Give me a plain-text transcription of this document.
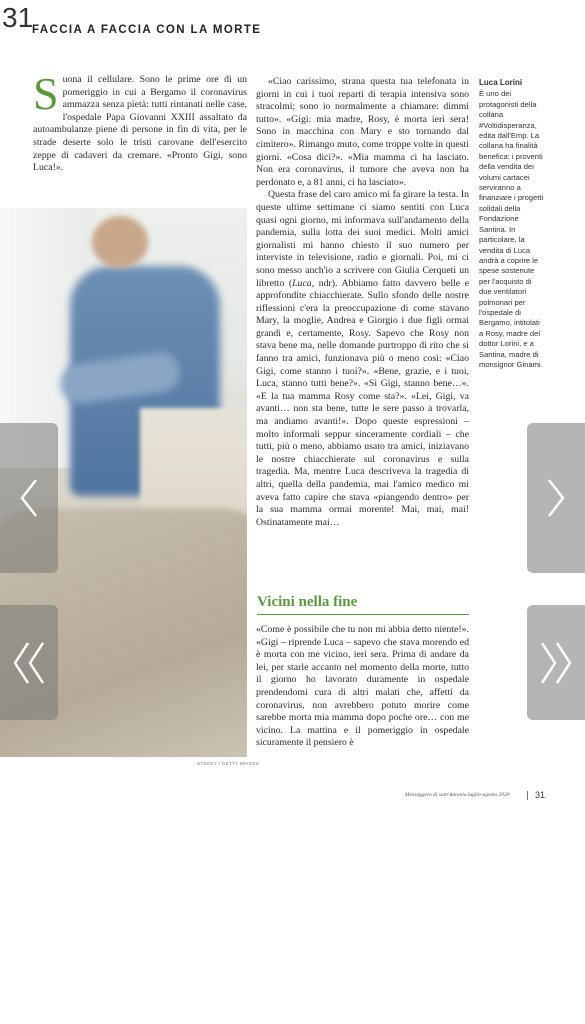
31
FACCIA A FACCIA CON LA MORTE
S uona il cellulare. Sono le prime ore di un pomeriggio in cui a Bergamo il coronavirus ammazza senza pietà: tutti rintanati nelle case, l'ospedale Papa Giovanni XXIII assaltato da autoambulanze piene di persone in fin di vita, per le strade deserte solo le tristi carovane dell'esercito zeppe di cadaveri da cremare. «Pronto Gigi, sono Luca!».
STOCKY / GETTY IMAGES

«Ciao carissimo, strana questa tua telefonata in giorni in cui i tuoi reparti di terapia intensiva sono stracolmi; sono io normalmente a chiamare: dimmi tutto». «Gigi: mia madre, Rosy, è morta ieri sera! Sono in macchina con Mary e sto tornando dal cimitero». Rimango muto, come troppe volte in questi giorni. «Cosa dici?». «Mia mamma ci ha lasciato. Non era coronavirus, il tumore che aveva non ha perdonato e, a 81 anni, ci ha lasciato».

Questa frase del caro amico mi fa girare la testa. In queste ultime settimane ci siamo sentiti con Luca quasi ogni giorno, mi informava sull'andamento della pandemia, sulla lotta dei suoi medici. Molti amici giornalisti mi hanno chiesto il suo numero per interviste in televisione, radio e giornali. Poi, mi ci sono messo anch'io a scrivere con Giulia Cerqueti un libretto (Luca, ndr). Abbiamo fatto davvero belle e approfondite chiacchierate. Sullo sfondo delle nostre riflessioni c'era la preoccupazione di come stavano Mary, la moglie, Andrea e Giorgio i due figli ormai grandi e, certamente, Rosy. Sapevo che Rosy non stava bene ma, nelle domande purtroppo di rito che si fanno tra amici, funzionava più o meno così: «Ciao Gigi, come stanno i tuoi?». «Bene, grazie, e i tuoi, Luca, stanno tutti bene?». «Sì Gigi, stanno bene…». «E la tua mamma Rosy come sta?». «Lei, Gigi, va avanti… non sta bene, tutte le sere passo a trovarla, ma andiamo avanti!». Dopo queste espressioni – molto informali seppur sinceramente cordiali – che tutti, più o meno, abbiamo usato tra amici, iniziavano le nostre chiacchierate sul coronavirus e sulla tragedia. Ma, mentre Luca descriveva la tragedia di altri, quella della pandemia, mai l'amico medico mi aveva fatto capire che stava «piangendo dentro» per la sua mamma ormai morente! Mai, mai, mai! Ostinatamente mai…

Vicini nella fine

«Come è possibile che tu non mi abbia detto niente!». «Gigi – riprende Luca – sapevo che stava morendo ed è morta con me vicino, ieri sera. Prima di andare da lei, per starle accanto nel momento della morte, tutto il giorno ho lavorato duramente in ospedale prendendomi cura di altri malati che, affetti da coronavirus, non avrebbero potuto morire come sarebbe morta mia mamma dopo poche ore… con me vicino. La mattina e il pomeriggio in ospedale sicuramente il pensiero è

Luca Lorini
È uno dei protagonisti della collana #Voltidisperanza, edita dall'Emp. La collana ha finalità benefica: i proventi della vendita dei volumi cartacei serviranno a finanziare i progetti solidali della Fondazione Santina. In particolare, la vendita di Luca andrà a coprire le spese sostenute per l'acquisto di due ventilatori polmonari per l'ospedale di Bergamo, intitolati a Rosy, madre del dottor Lorini, e a Santina, madre di monsignor Ginami.
Messaggero di sant'Antonio luglio-agosto 2020	31
